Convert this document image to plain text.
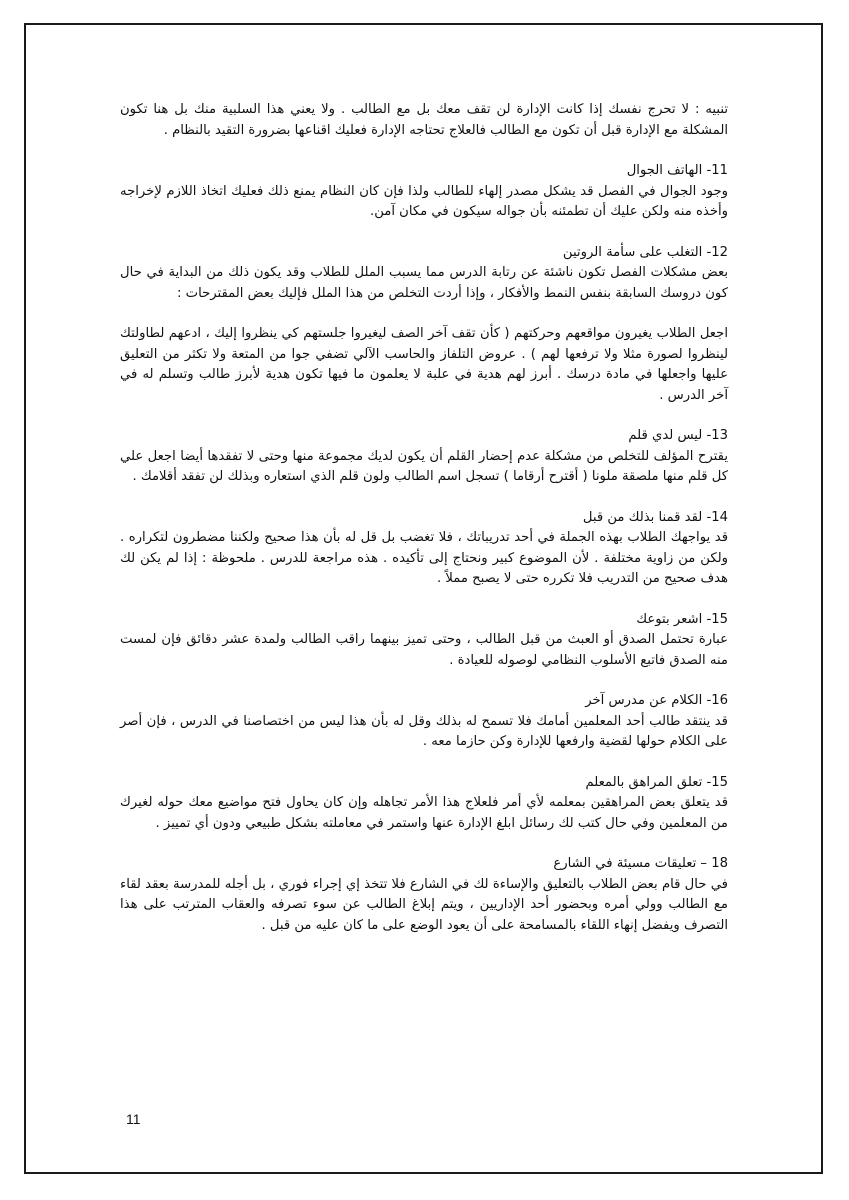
تنبيه : لا تحرج نفسك إذا كانت الإدارة لن تقف معك بل مع الطالب . ولا يعني هذا السلبية منك بل هنا تكون المشكلة مع الإدارة قبل أن تكون مع الطالب فالعلاج تحتاجه الإدارة فعليك اقناعها بضرورة التقيد بالنظام .

11- الهاتف الجوال
وجود الجوال في الفصل قد يشكل مصدر إلهاء للطالب ولذا فإن كان النظام يمنع ذلك فعليك اتخاذ اللازم لإخراجه وأخذه منه ولكن عليك أن تطمئنه بأن جواله سيكون في مكان آمن.
12- التغلب على سأمة الروتين
بعض مشكلات الفصل تكون ناشئة عن رتابة الدرس مما يسبب الملل للطلاب وقد يكون ذلك من البداية في حال كون دروسك السابقة بنفس النمط والأفكار ، وإذا أردت التخلص من هذا الملل فإليك بعض المقترحات :
اجعل الطلاب يغيرون مواقعهم وحركتهم ( كأن تقف آخر الصف ليغيروا جلستهم كي ينظروا إليك ، ادعهم لطاولتك لينظروا لصورة مثلا ولا ترفعها لهم ) . عروض التلفاز والحاسب الآلي تضفي جوا من المتعة ولا تكثر من التعليق عليها واجعلها في مادة درسك . أبرز لهم هدية في علبة لا يعلمون ما فيها تكون هدية لأبرز طالب وتسلم له في آخر الدرس .
13- ليس لدي قلم
يقترح المؤلف للتخلص من مشكلة عدم إحضار القلم أن يكون لديك مجموعة منها وحتى لا تفقدها أيضا اجعل علي كل قلم منها ملصقة ملونا ( أقترح أرقاما ) تسجل اسم الطالب ولون قلم الذي استعاره وبذلك لن تفقد أقلامك .
14- لقد قمنا بذلك من قبل
قد يواجهك الطلاب بهذه الجملة في أحد تدريباتك ، فلا تغضب بل قل له بأن هذا صحيح ولكننا مضطرون لتكراره . ولكن من زاوية مختلفة . لأن الموضوع كبير ونحتاج إلى تأكيده . هذه مراجعة للدرس . ملحوظة : إذا لم يكن لك هدف صحيح من التدريب فلا تكرره حتى لا يصبح مملاً .
15- اشعر بتوعك
عبارة تحتمل الصدق أو العبث من قبل الطالب ، وحتى تميز بينهما راقب الطالب ولمدة عشر دقائق فإن لمست منه الصدق فاتبع الأسلوب النظامي لوصوله للعيادة .
16- الكلام عن مدرس آخر
قد ينتقد طالب أحد المعلمين أمامك فلا تسمح له بذلك وقل له بأن هذا ليس من اختصاصنا في الدرس ، فإن أصر على الكلام حولها لقضية وارفعها للإدارة وكن حازما معه .
15- تعلق المراهق بالمعلم
قد يتعلق بعض المراهقين بمعلمه لأي أمر فلعلاج هذا الأمر تجاهله وإن كان يحاول فتح مواضيع معك حوله لغيرك من المعلمين وفي حال كتب لك رسائل ابلغ الإدارة عنها واستمر في معاملته بشكل طبيعي ودون أي تمييز .
18 – تعليقات مسيئة في الشارع
في حال قام بعض الطلاب بالتعليق والإساءة لك في الشارع فلا تتخذ إي إجراء فوري ، بل أجله للمدرسة بعقد لقاء مع الطالب وولي أمره وبحضور أحد الإداريين ، ويتم إبلاغ الطالب عن سوء تصرفه والعقاب المترتب على هذا التصرف ويفضل إنهاء اللقاء بالمسامحة على أن يعود الوضع على ما كان عليه من قبل .
11
